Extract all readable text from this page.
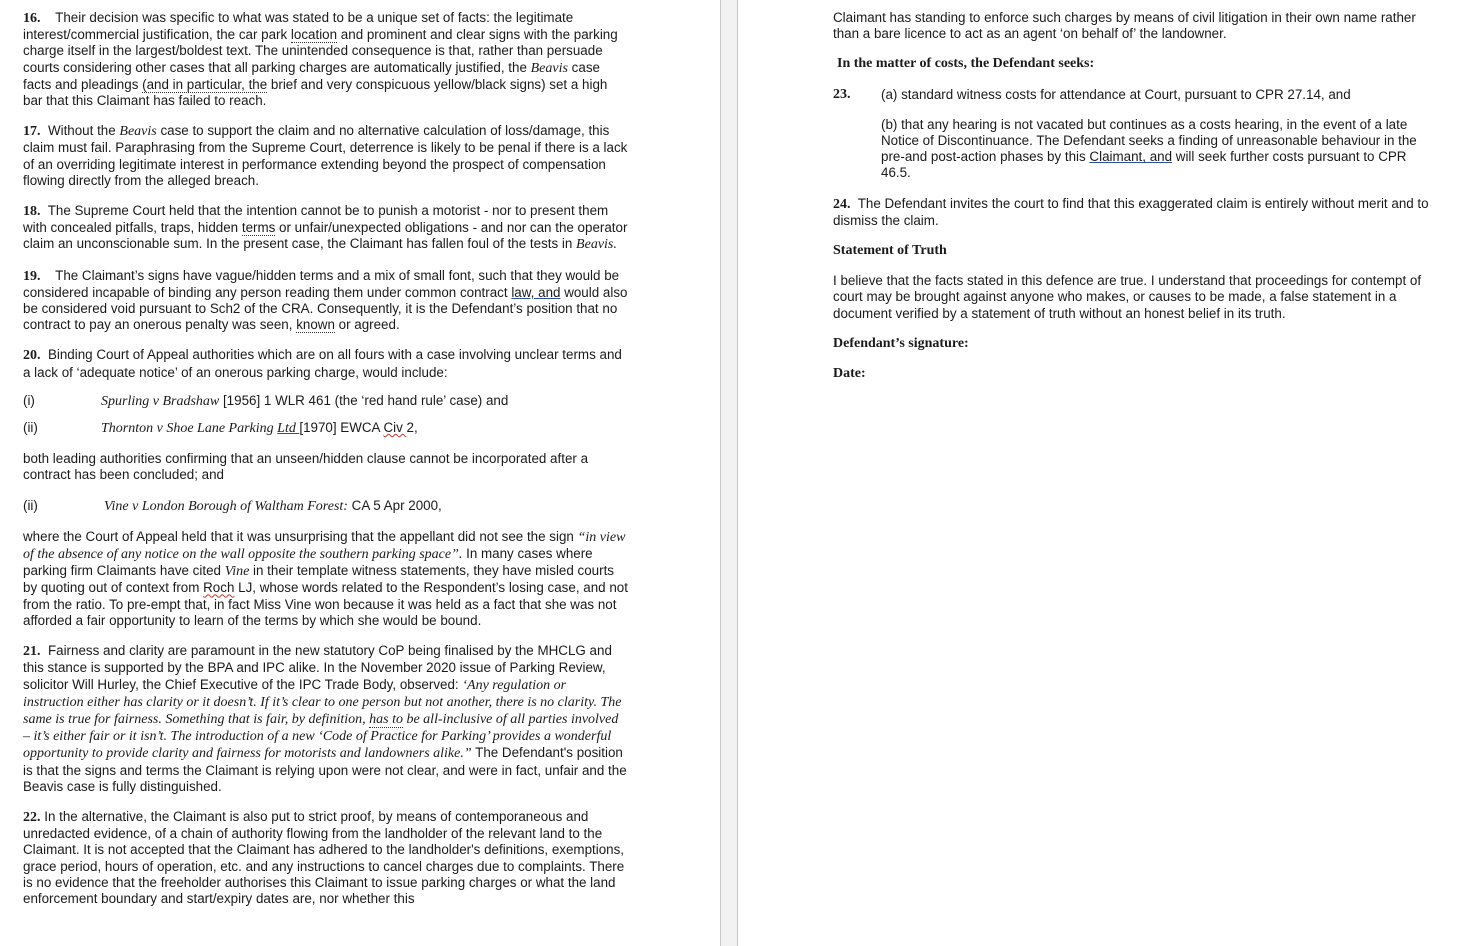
16. Their decision was specific to what was stated to be a unique set of facts: the legitimate interest/commercial justification, the car park location and prominent and clear signs with the parking charge itself in the largest/boldest text. The unintended consequence is that, rather than persuade courts considering other cases that all parking charges are automatically justified, the Beavis case facts and pleadings (and in particular, the brief and very conspicuous yellow/black signs) set a high bar that this Claimant has failed to reach.

17. Without the Beavis case to support the claim and no alternative calculation of loss/damage, this claim must fail. Paraphrasing from the Supreme Court, deterrence is likely to be penal if there is a lack of an overriding legitimate interest in performance extending beyond the prospect of compensation flowing directly from the alleged breach.

18. The Supreme Court held that the intention cannot be to punish a motorist - nor to present them with concealed pitfalls, traps, hidden terms or unfair/unexpected obligations - and nor can the operator claim an unconscionable sum. In the present case, the Claimant has fallen foul of the tests in Beavis.

19. The Claimant’s signs have vague/hidden terms and a mix of small font, such that they would be considered incapable of binding any person reading them under common contract law, and would also be considered void pursuant to Sch2 of the CRA. Consequently, it is the Defendant’s position that no contract to pay an onerous penalty was seen, known or agreed.

20. Binding Court of Appeal authorities which are on all fours with a case involving unclear terms and a lack of ‘adequate notice’ of an onerous parking charge, would include:

(i)	Spurling v Bradshaw [1956] 1 WLR 461 (the ‘red hand rule’ case) and
(ii)	Thornton v Shoe Lane Parking Ltd [1970] EWCA Civ 2,

both leading authorities confirming that an unseen/hidden clause cannot be incorporated after a contract has been concluded; and

(ii)	Vine v London Borough of Waltham Forest: CA 5 Apr 2000,

where the Court of Appeal held that it was unsurprising that the appellant did not see the sign “in view of the absence of any notice on the wall opposite the southern parking space”. In many cases where parking firm Claimants have cited Vine in their template witness statements, they have misled courts by quoting out of context from Roch LJ, whose words related to the Respondent’s losing case, and not from the ratio. To pre-empt that, in fact Miss Vine won because it was held as a fact that she was not afforded a fair opportunity to learn of the terms by which she would be bound.

21. Fairness and clarity are paramount in the new statutory CoP being finalised by the MHCLG and this stance is supported by the BPA and IPC alike. In the November 2020 issue of Parking Review, solicitor Will Hurley, the Chief Executive of the IPC Trade Body, observed: ‘Any regulation or instruction either has clarity or it doesn’t. If it’s clear to one person but not another, there is no clarity. The same is true for fairness. Something that is fair, by definition, has to be all-inclusive of all parties involved – it’s either fair or it isn’t. The introduction of a new ‘Code of Practice for Parking’ provides a wonderful opportunity to provide clarity and fairness for motorists and landowners alike.” The Defendant's position is that the signs and terms the Claimant is relying upon were not clear, and were in fact, unfair and the Beavis case is fully distinguished.

22. In the alternative, the Claimant is also put to strict proof, by means of contemporaneous and unredacted evidence, of a chain of authority flowing from the landholder of the relevant land to the Claimant. It is not accepted that the Claimant has adhered to the landholder's definitions, exemptions, grace period, hours of operation, etc. and any instructions to cancel charges due to complaints. There is no evidence that the freeholder authorises this Claimant to issue parking charges or what the land enforcement boundary and start/expiry dates are, nor whether this

Claimant has standing to enforce such charges by means of civil litigation in their own name rather than a bare licence to act as an agent ‘on behalf of’ the landowner.

In the matter of costs, the Defendant seeks:

23.	(a) standard witness costs for attendance at Court, pursuant to CPR 27.14, and
(b) that any hearing is not vacated but continues as a costs hearing, in the event of a late Notice of Discontinuance. The Defendant seeks a finding of unreasonable behaviour in the pre-and post-action phases by this Claimant, and will seek further costs pursuant to CPR 46.5.

24. The Defendant invites the court to find that this exaggerated claim is entirely without merit and to dismiss the claim.

Statement of Truth

I believe that the facts stated in this defence are true. I understand that proceedings for contempt of court may be brought against anyone who makes, or causes to be made, a false statement in a document verified by a statement of truth without an honest belief in its truth.

Defendant’s signature:

Date:
